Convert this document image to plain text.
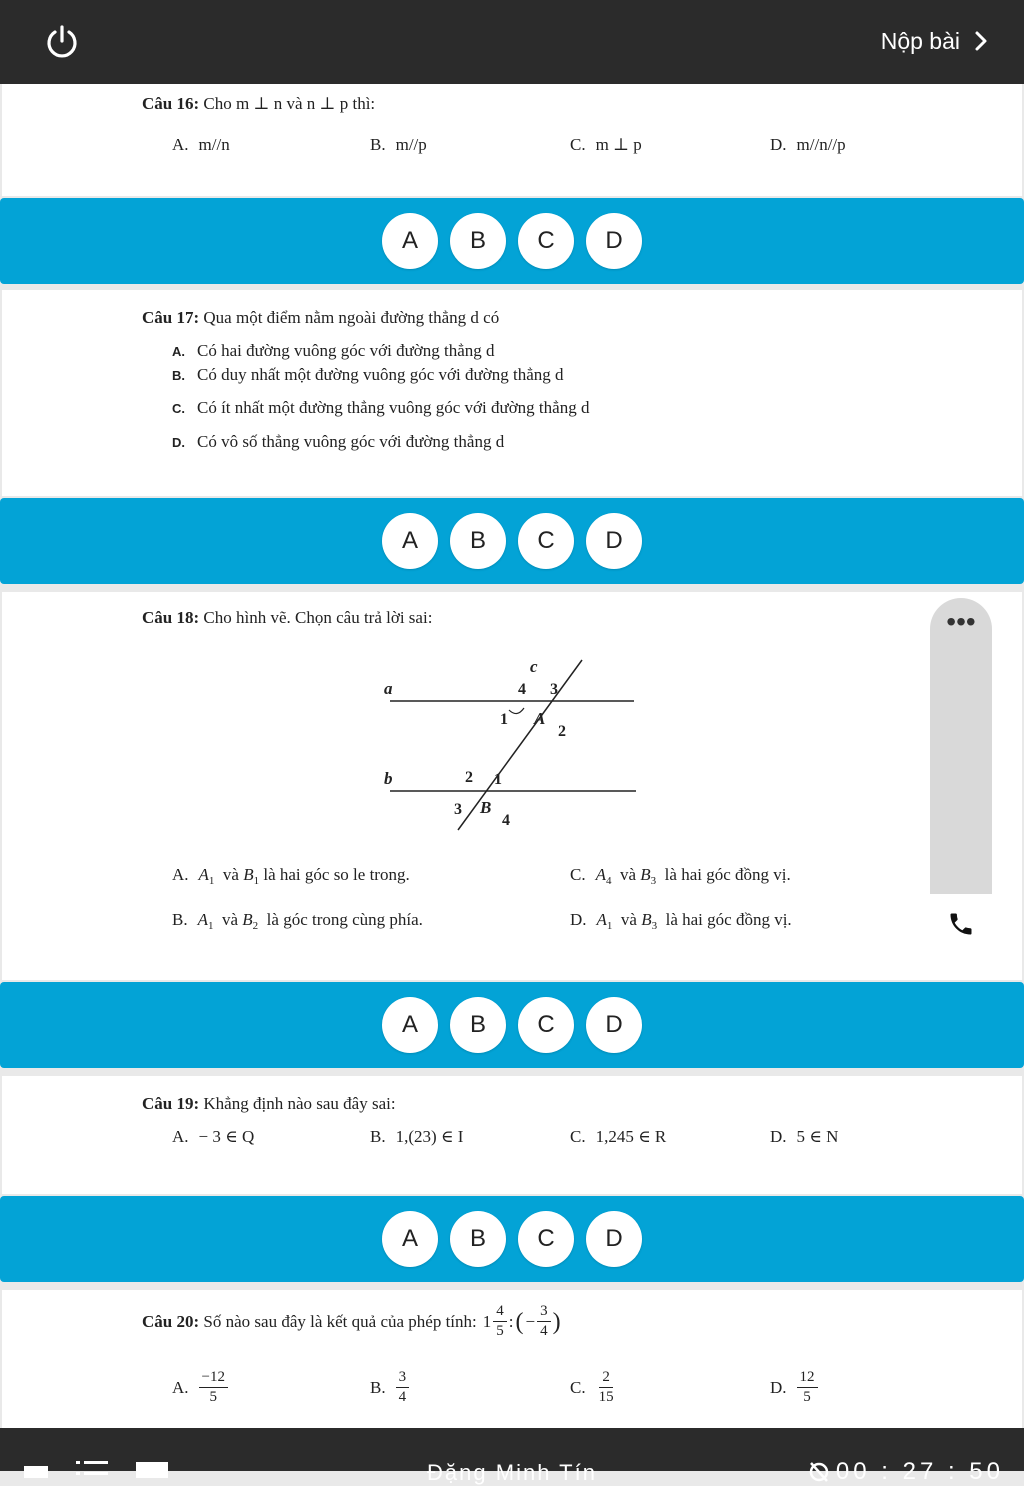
Nộp bài
Câu 16: Cho m ⊥ n và n ⊥ p thì:
A. m//n	B. m//p	C. m ⊥ p	D. m//n//p
A	B	C	D
Câu 17: Qua một điểm nằm ngoài đường thẳng d có
A. Có hai đường vuông góc với đường thẳng d
B. Có duy nhất một đường vuông góc với đường thẳng d
C. Có ít nhất một đường thẳng vuông góc với đường thẳng d
D. Có vô số thẳng vuông góc với đường thẳng d
A	B	C	D
Câu 18: Cho hình vẽ. Chọn câu trả lời sai:
a
b
c
A
B
4 3
1
2
2 1
3
4
A. $A_1$ và $B_1$ là hai góc so le trong.	C. $A_4$ và $B_3$ là hai góc đồng vị.
B. $A_1$ và $B_2$ là góc trong cùng phía.	D. $A_1$ và $B_3$ là hai góc đồng vị.
•••
A	B	C	D
Câu 19: Khẳng định nào sau đây sai:
A. − 3 ∈ Q	B. 1,(23) ∈ I	C. 1,245 ∈ R	D. 5 ∈ N
A	B	C	D
Câu 20: Số nào sau đây là kết quả của phép tính: $1 \frac{4}{5}$ : ( − $\frac{3}{4}$ )
A. $\frac{-12}{5}$	B. $\frac{3}{4}$	C. $\frac{2}{15}$	D. $\frac{12}{5}$
Đặng Minh Tín	00 : 27 : 50
